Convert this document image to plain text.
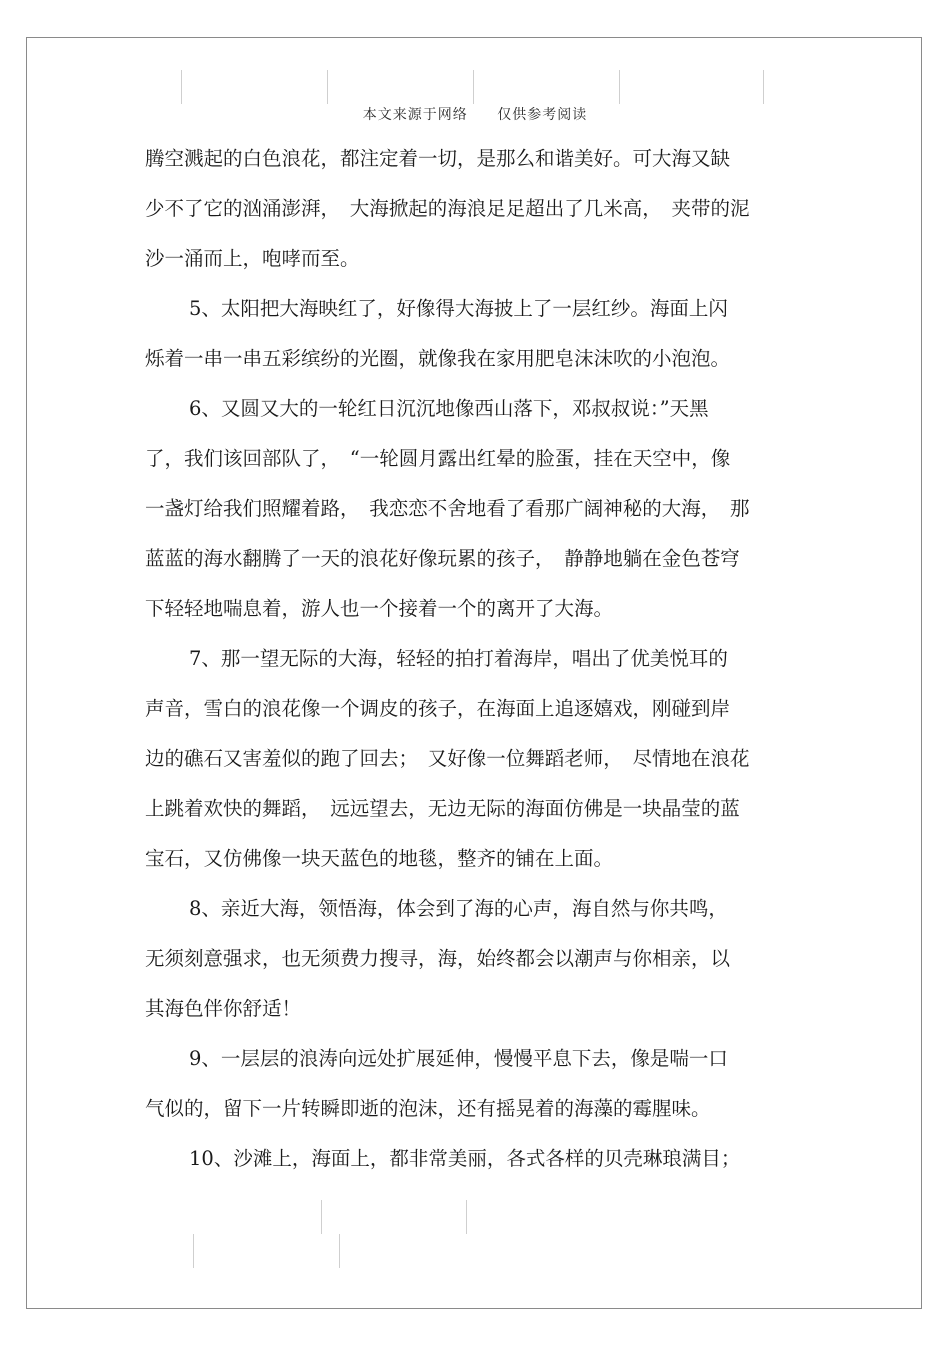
本文来源于网络 仅供参考阅读
腾空溅起的白色浪花，都注定着一切，是那么和谐美好。可大海又缺
少不了它的汹涌澎湃，　大海掀起的海浪足足超出了几米高，　夹带的泥
沙一涌而上，咆哮而至。
5、太阳把大海映红了，好像得大海披上了一层红纱。海面上闪
烁着一串一串五彩缤纷的光圈，就像我在家用肥皂沫沫吹的小泡泡。
6、又圆又大的一轮红日沉沉地像西山落下，邓叔叔说：”天黑
了，我们该回部队了，　“一轮圆月露出红晕的脸蛋，挂在天空中，像
一盏灯给我们照耀着路，　我恋恋不舍地看了看那广阔神秘的大海，　那
蓝蓝的海水翻腾了一天的浪花好像玩累的孩子，　静静地躺在金色苍穹
下轻轻地喘息着，游人也一个接着一个的离开了大海。
7、那一望无际的大海，轻轻的拍打着海岸，唱出了优美悦耳的
声音，雪白的浪花像一个调皮的孩子，在海面上追逐嬉戏，刚碰到岸
边的礁石又害羞似的跑了回去；　又好像一位舞蹈老师，　尽情地在浪花
上跳着欢快的舞蹈，　远远望去，无边无际的海面仿佛是一块晶莹的蓝
宝石，又仿佛像一块天蓝色的地毯，整齐的铺在上面。
8、亲近大海，领悟海，体会到了海的心声，海自然与你共鸣，
无须刻意强求，也无须费力搜寻，海，始终都会以潮声与你相亲，以
其海色伴你舒适！
9、一层层的浪涛向远处扩展延伸，慢慢平息下去，像是喘一口
气似的，留下一片转瞬即逝的泡沫，还有摇晃着的海藻的霉腥味。
10、沙滩上，海面上，都非常美丽，各式各样的贝壳琳琅满目；
